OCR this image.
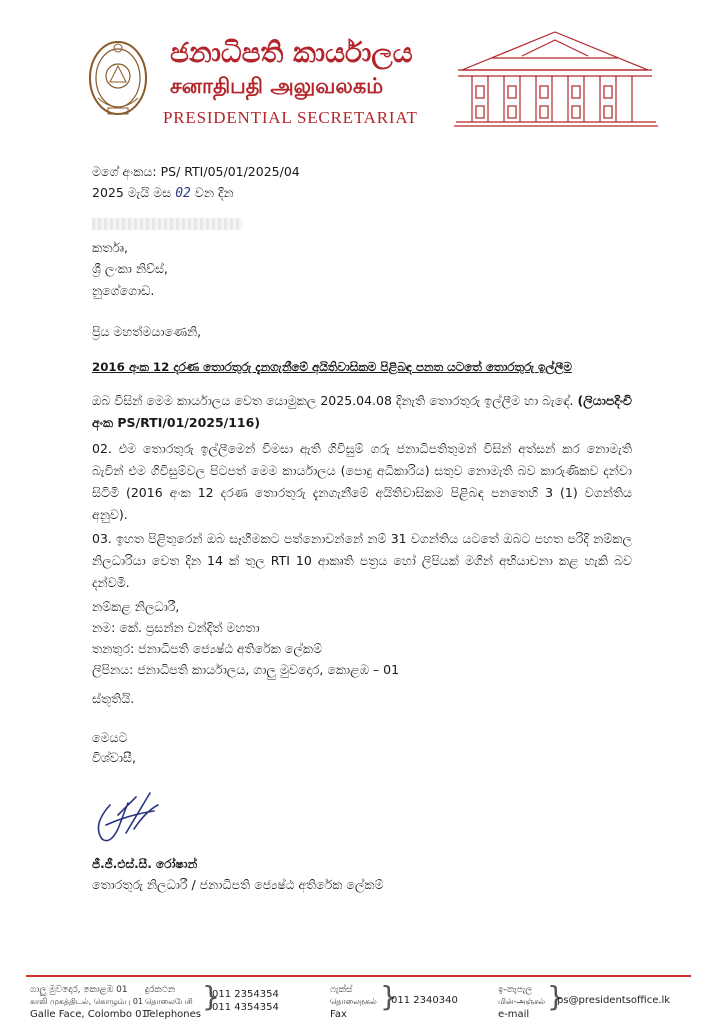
ජනාධිපති කාර්යාලය
சனாதிபதி அலுவலகம்
PRESIDENTIAL SECRETARIAT
මගේ අංකය: PS/ RTI/05/01/2025/04
2025 මැයි මස 02 වන දින
කර්තෘ,
ශ්‍රී ලංකා නිව්ස්,
නුගේගොඩ.
ප්‍රිය මහත්මයාණෙනි,
2016 අංක 12 දරණ තොරතුරු දැනගැනීමේ අයිතිවාසිකම පිළිබඳ පනත යටතේ තොරතුරු ඉල්ලීම
ඔබ විසින් මෙම කාර්යාලය වෙත යොමුකල 2025.04.08 දිනැති තොරතුරු ඉල්ලීම හා බැඳේ. (ලියාපදිංචි අංක PS/RTI/01/2025/116)
02. එම තොරතුරු ඉල්ලීමෙන් විමසා ඇති ගිවිසුම් ගරු ජනාධිපතිතුමන් විසින් අත්සන් කර නොමැති බැවින් එම ගිවිසුම්වල පිටපත් මෙම කාර්යාලය (පොදු අධිකාරිය) සතුව නොමැති බව කාරුණිකව දන්වා සිටිමි (2016 අංක 12 දරණ තොරතුරු දැනගැනීමේ අයිතිවාසිකම පිළිබඳ පනතෙහි 3 (1) වගන්තිය අනුව).
03. ඉහත පිළිතුරෙන් ඔබ සෑහීමකට පත්නොවන්නේ නම් 31 වගන්තිය යටතේ ඔබට පහත පරිදි නම්කල නිලධාරියා වෙත දින 14 ක් තුල RTI 10 ආකෘති පත්‍රය හෝ ලිපියක් මගින් අභියාචනා කළ හැකි බව දන්වමි.
නම්කළ නිලධාරී,
නම: කේ. ප්‍රසන්න චන්දිත් මහතා
තනතුර: ජනාධිපති ජ්‍යෙෂ්ඨ අතිරේක ලේකම්
ලිපිනය: ජනාධිපති කාර්යාලය, ගාලු මුවදොර, කොළඹ – 01
ස්තූතියි.
මෙයට
විශ්වාසී,
ජී.ජී.එස්.සී. රෝෂාන්
තොරතුරු නිලධාරී / ජනාධිපති ජ්‍යෙෂ්ඨ අතිරේක ලේකම්
ගාලු මුවදොර, කොළඹ 01
காலி முகத்திடல், கொழும்பு 01
Galle Face, Colombo 01
දුරකථන
தொலைபேசி
Telephones
}
011 2354354
011 4354354
ෆැක්ස්
தொலைநகல்
Fax
}
011 2340340
ඉ-තැපැල
மின்-அஞ்சல்
e-mail
}
ps@presidentsoffice.lk
